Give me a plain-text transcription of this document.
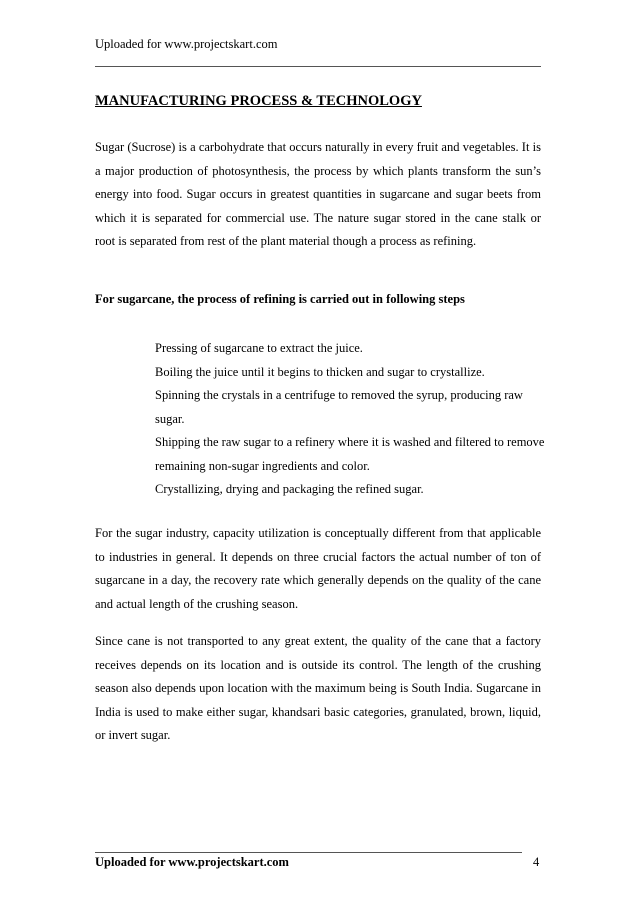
Uploaded for www.projectskart.com
MANUFACTURING PROCESS & TECHNOLOGY

Sugar (Sucrose) is a carbohydrate that occurs naturally in every fruit and vegetables. It is a major production of photosynthesis, the process by which plants transform the sun’s energy into food. Sugar occurs in greatest quantities in sugarcane and sugar beets from which it is separated for commercial use. The nature sugar stored in the cane stalk or root is separated from rest of the plant material though a process as refining.

For sugarcane, the process of refining is carried out in following steps

Pressing of sugarcane to extract the juice.
Boiling the juice until it begins to thicken and sugar to crystallize.
Spinning the crystals in a centrifuge to removed the syrup, producing raw sugar.
Shipping the raw sugar to a refinery where it is washed and filtered to remove remaining non-sugar ingredients and color.
Crystallizing, drying and packaging the refined sugar.

For the sugar industry, capacity utilization is conceptually different from that applicable to industries in general. It depends on three crucial factors the actual number of ton of sugarcane in a day, the recovery rate which generally depends on the quality of the cane and actual length of the crushing season.

Since cane is not transported to any great extent, the quality of the cane that a factory receives depends on its location and is outside its control. The length of the crushing season also depends upon location with the maximum being is South India. Sugarcane in India is used to make either sugar, khandsari basic categories, granulated, brown, liquid, or invert sugar.

Uploaded for www.projectskart.com	4
